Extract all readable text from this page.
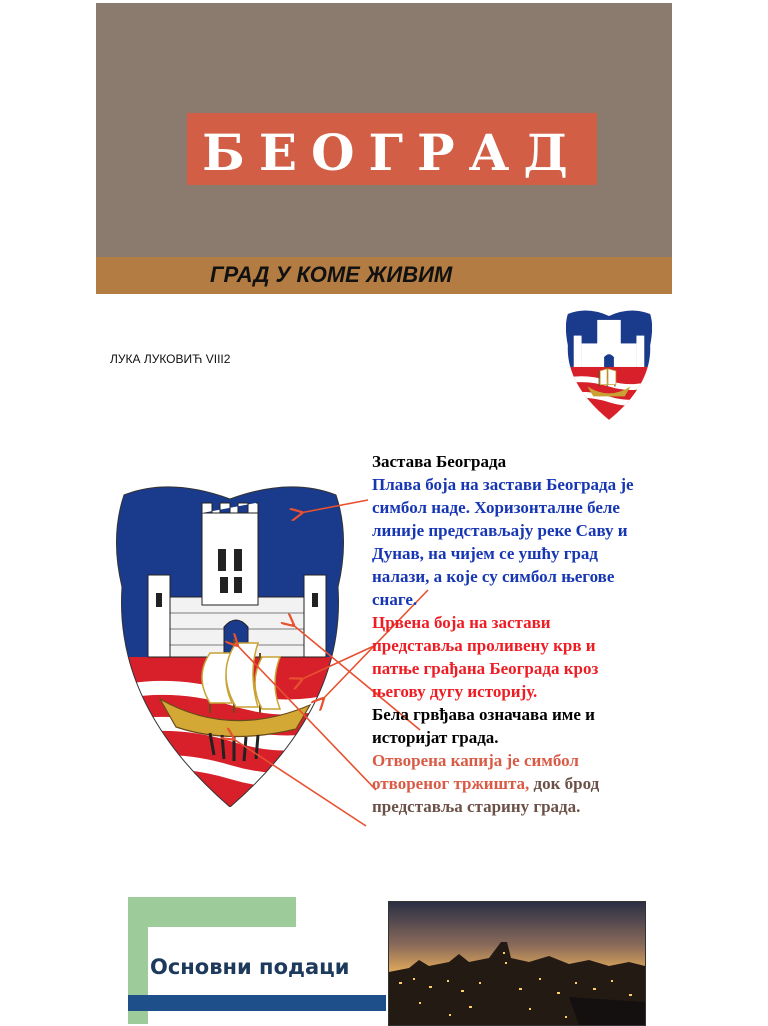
БЕОГРАД
ГРАД У КОМЕ ЖИВИМ
ЛУКА ЛУКОВИЋ VIII2

Застава Београда

Плава боја на застави Београда је симбол наде. Хоризонталне беле линије представљају реке Саву и Дунав, на чијем се ушћу град налази, а које су симбол његове снаге.

Црвена боја на застави представља проливену крв и патње грађана Београда кроз његову дугу историју.

Бела грвђава означава име и историјат града.

Отворена капија је симбол отвореног тржишта, док брод представља старину града.

Основни подаци
